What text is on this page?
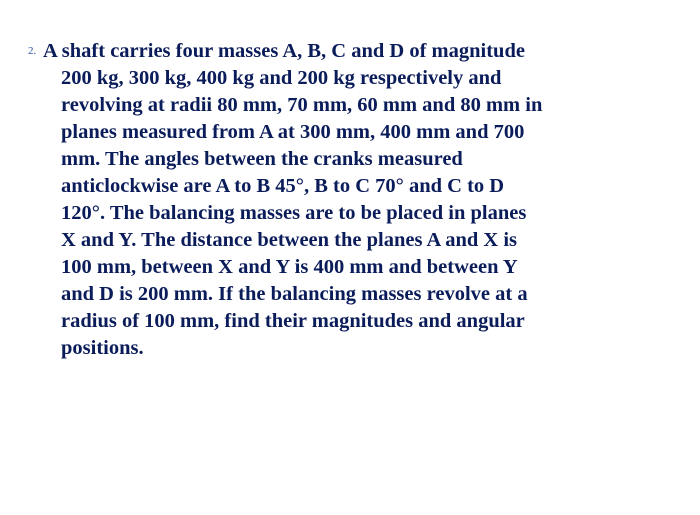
2. A shaft carries four masses A, B, C and D of magnitude
200 kg, 300 kg, 400 kg and 200 kg respectively and
revolving at radii 80 mm, 70 mm, 60 mm and 80 mm in
planes measured from A at 300 mm, 400 mm and 700
mm. The angles between the cranks measured
anticlockwise are A to B 45°, B to C 70° and C to D
120°. The balancing masses are to be placed in planes
X and Y. The distance between the planes A and X is
100 mm, between X and Y is 400 mm and between Y
and D is 200 mm. If the balancing masses revolve at a
radius of 100 mm, find their magnitudes and angular
positions.
